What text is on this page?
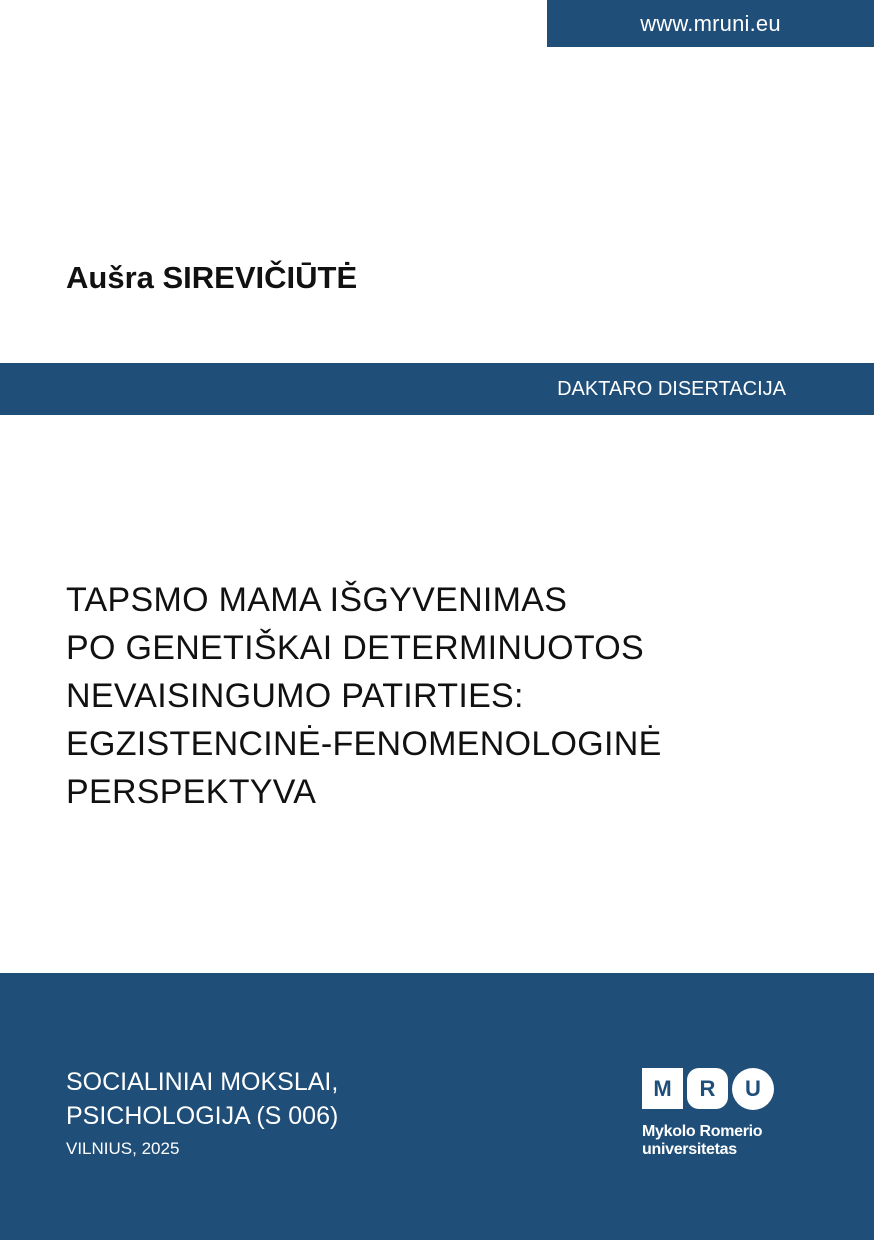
www.mruni.eu
Aušra SIREVIČIŪTĖ
DAKTARO DISERTACIJA
TAPSMO MAMA IŠGYVENIMAS
PO GENETIŠKAI DETERMINUOTOS
NEVAISINGUMO PATIRTIES:
EGZISTENCINĖ-FENOMENOLOGINĖ
PERSPEKTYVA
SOCIALINIAI MOKSLAI,
PSICHOLOGIJA (S 006)
VILNIUS, 2025
M	R	U
Mykolo Romerio
universitetas
